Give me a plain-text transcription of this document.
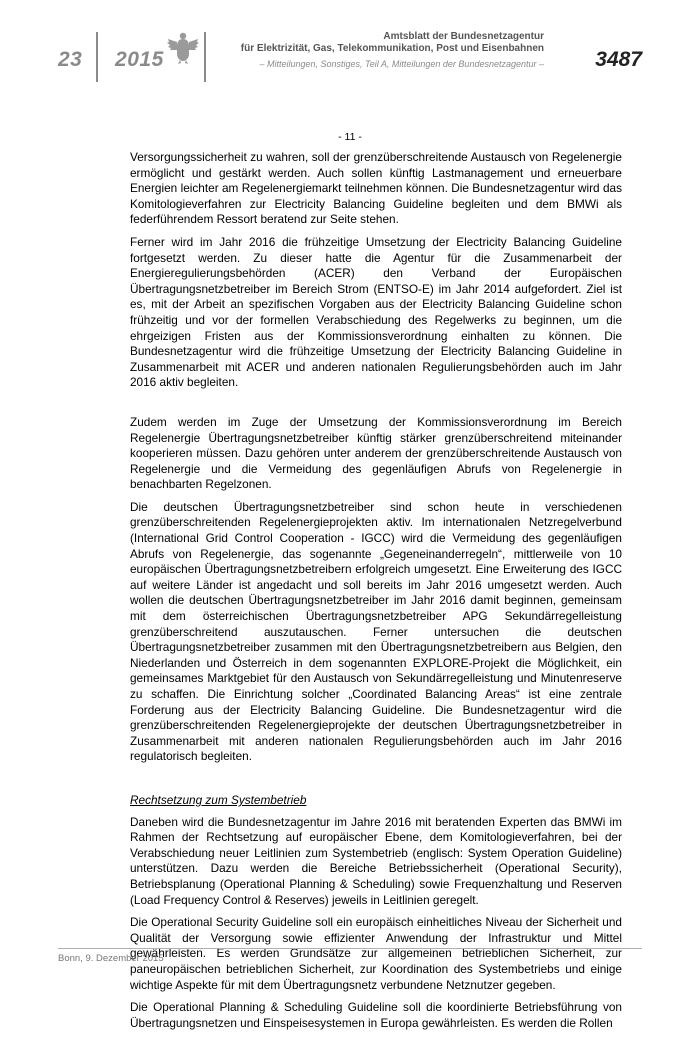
23 2015
Amtsblatt der Bundesnetzagentur
für Elektrizität, Gas, Telekommunikation, Post und Eisenbahnen
– Mitteilungen, Sonstiges, Teil A, Mitteilungen der Bundesnetzagentur – 3487
- 11 -

Versorgungssicherheit zu wahren, soll der grenzüberschreitende Austausch von Regelenergie ermöglicht und gestärkt werden. Auch sollen künftig Lastmanagement und erneuerbare Energien leichter am Regelenergiemarkt teilnehmen können. Die Bundesnetzagentur wird das Komitologieverfahren zur Electricity Balancing Guideline begleiten und dem BMWi als federführendem Ressort beratend zur Seite stehen.

Ferner wird im Jahr 2016 die frühzeitige Umsetzung der Electricity Balancing Guideline fortgesetzt werden. Zu dieser hatte die Agentur für die Zusammenarbeit der Energieregulierungsbehörden (ACER) den Verband der Europäischen Übertragungsnetzbetreiber im Bereich Strom (ENTSO-E) im Jahr 2014 aufgefordert. Ziel ist es, mit der Arbeit an spezifischen Vorgaben aus der Electricity Balancing Guideline schon frühzeitig und vor der formellen Verabschiedung des Regelwerks zu beginnen, um die ehrgeizigen Fristen aus der Kommissionsverordnung einhalten zu können. Die Bundesnetzagentur wird die frühzeitige Umsetzung der Electricity Balancing Guideline in Zusammenarbeit mit ACER und anderen nationalen Regulierungsbehörden auch im Jahr 2016 aktiv begleiten.

Zudem werden im Zuge der Umsetzung der Kommissionsverordnung im Bereich Regelenergie Übertragungsnetzbetreiber künftig stärker grenzüberschreitend miteinander kooperieren müssen. Dazu gehören unter anderem der grenzüberschreitende Austausch von Regelenergie und die Vermeidung des gegenläufigen Abrufs von Regelenergie in benachbarten Regelzonen.

Die deutschen Übertragungsnetzbetreiber sind schon heute in verschiedenen grenzüberschreitenden Regelenergieprojekten aktiv. Im internationalen Netzregelverbund (International Grid Control Cooperation - IGCC) wird die Vermeidung des gegenläufigen Abrufs von Regelenergie, das sogenannte „Gegeneinanderregeln“, mittlerweile von 10 europäischen Übertragungsnetzbetreibern erfolgreich umgesetzt. Eine Erweiterung des IGCC auf weitere Länder ist angedacht und soll bereits im Jahr 2016 umgesetzt werden. Auch wollen die deutschen Übertragungsnetzbetreiber im Jahr 2016 damit beginnen, gemeinsam mit dem österreichischen Übertragungsnetzbetreiber APG Sekundärregelleistung grenzüberschreitend auszutauschen. Ferner untersuchen die deutschen Übertragungsnetzbetreiber zusammen mit den Übertragungsnetzbetreibern aus Belgien, den Niederlanden und Österreich in dem sogenannten EXPLORE-Projekt die Möglichkeit, ein gemeinsames Marktgebiet für den Austausch von Sekundärregelleistung und Minutenreserve zu schaffen. Die Einrichtung solcher „Coordinated Balancing Areas“ ist eine zentrale Forderung aus der Electricity Balancing Guideline. Die Bundesnetzagentur wird die grenzüberschreitenden Regelenergieprojekte der deutschen Übertragungsnetzbetreiber in Zusammenarbeit mit anderen nationalen Regulierungsbehörden auch im Jahr 2016 regulatorisch begleiten.

Rechtsetzung zum Systembetrieb

Daneben wird die Bundesnetzagentur im Jahre 2016 mit beratenden Experten das BMWi im Rahmen der Rechtsetzung auf europäischer Ebene, dem Komitologieverfahren, bei der Verabschiedung neuer Leitlinien zum Systembetrieb (englisch: System Operation Guideline) unterstützen. Dazu werden die Bereiche Betriebssicherheit (Operational Security), Betriebsplanung (Operational Planning & Scheduling) sowie Frequenzhaltung und Reserven (Load Frequency Control & Reserves) jeweils in Leitlinien geregelt.

Die Operational Security Guideline soll ein europäisch einheitliches Niveau der Sicherheit und Qualität der Versorgung sowie effizienter Anwendung der Infrastruktur und Mittel gewährleisten. Es werden Grundsätze zur allgemeinen betrieblichen Sicherheit, zur paneuropäischen betrieblichen Sicherheit, zur Koordination des Systembetriebs und einige wichtige Aspekte für mit dem Übertragungsnetz verbundene Netznutzer gegeben.

Die Operational Planning & Scheduling Guideline soll die koordinierte Betriebsführung von Übertragungsnetzen und Einspeisesystemen in Europa gewährleisten. Es werden die Rollen

Bonn, 9. Dezember 2015
